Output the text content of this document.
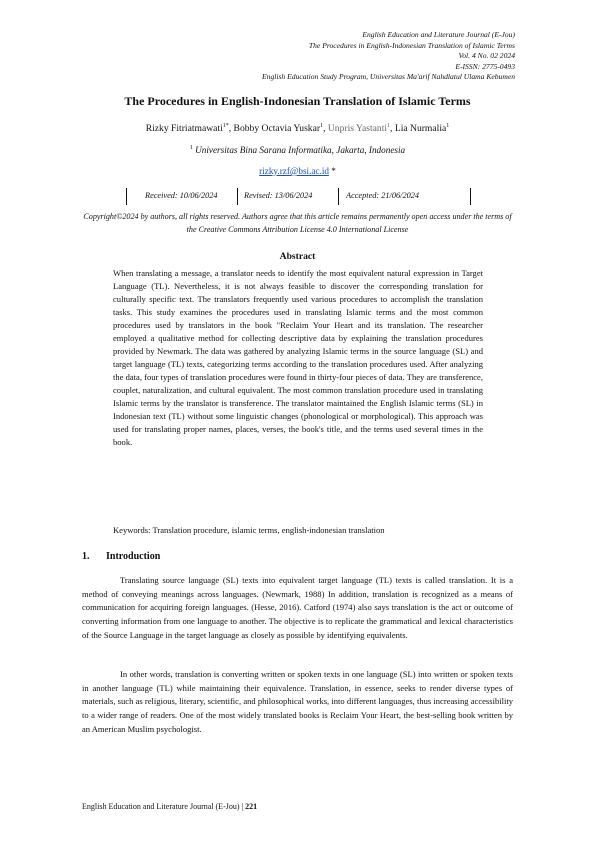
English Education and Literature Journal (E-Jou)
The Procedures in English-Indonesian Translation of Islamic Terms
Vol. 4 No. 02 2024
E-ISSN: 2775-0493
English Education Study Program, Universitas Ma'arif Nahdlatul Ulama Kebumen
The Procedures in English-Indonesian Translation of Islamic Terms
Rizky Fitriatmawati$^{1*}$, Bobby Octavia Yuskar$^1$, Unpris Yastanti$^1$, Lia Nurmalia$^1$
$^1$ Universitas Bina Sarana Informatika, Jakarta, Indonesia
rizky.rzf@bsi.ac.id *
Received: 10/06/2024	Revised: 13/06/2024	Accepted: 21/06/2024
Copyright©2024 by authors, all rights reserved. Authors agree that this article remains permanently open access under the terms of the Creative Commons Attribution License 4.0 International License
Abstract

When translating a message, a translator needs to identify the most equivalent natural expression in Target Language (TL). Nevertheless, it is not always feasible to discover the corresponding translation for culturally specific text. The translators frequently used various procedures to accomplish the translation tasks. This study examines the procedures used in translating Islamic terms and the most common procedures used by translators in the book "Reclaim Your Heart and its translation. The researcher employed a qualitative method for collecting descriptive data by explaining the translation procedures provided by Newmark. The data was gathered by analyzing Islamic terms in the source language (SL) and target language (TL) texts, categorizing terms according to the translation procedures used. After analyzing the data, four types of translation procedures were found in thirty-four pieces of data. They are transference, couplet, naturalization, and cultural equivalent. The most common translation procedure used in translating Islamic terms by the translator is transference. The translator maintained the English Islamic terms (SL) in Indonesian text (TL) without some linguistic changes (phonological or morphological). This approach was used for translating proper names, places, verses, the book's title, and the terms used several times in the book.

Keywords: Translation procedure, islamic terms, english-indonesian translation
1. Introduction

Translating source language (SL) texts into equivalent target language (TL) texts is called translation. It is a method of conveying meanings across languages. (Newmark, 1988) In addition, translation is recognized as a means of communication for acquiring foreign languages. (Hesse, 2016). Catford (1974) also says translation is the act or outcome of converting information from one language to another. The objective is to replicate the grammatical and lexical characteristics of the Source Language in the target language as closely as possible by identifying equivalents.

In other words, translation is converting written or spoken texts in one language (SL) into written or spoken texts in another language (TL) while maintaining their equivalence. Translation, in essence, seeks to render diverse types of materials, such as religious, literary, scientific, and philosophical works, into different languages, thus increasing accessibility to a wider range of readers. One of the most widely translated books is Reclaim Your Heart, the best-selling book written by an American Muslim psychologist.

English Education and Literature Journal (E-Jou) | 221
